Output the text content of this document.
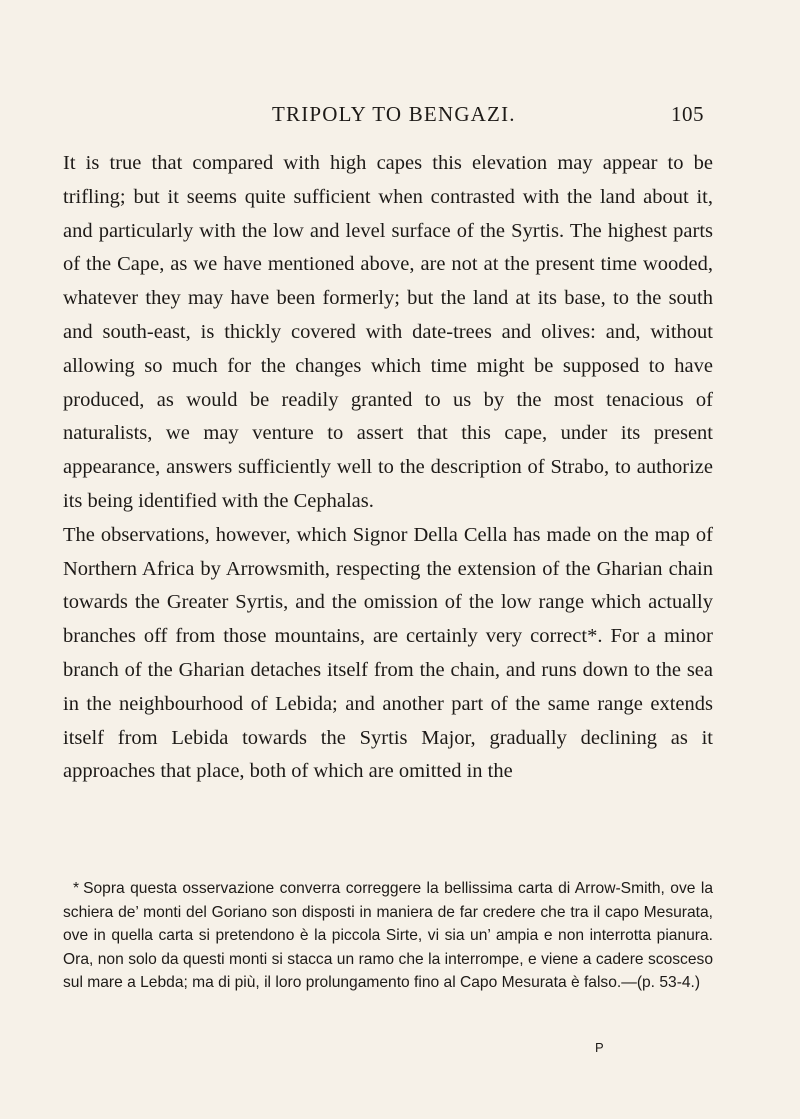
TRIPOLY TO BENGAZI.	105

It is true that compared with high capes this elevation may appear to be trifling; but it seems quite sufficient when contrasted with the land about it, and particularly with the low and level surface of the Syrtis. The highest parts of the Cape, as we have mentioned above, are not at the present time wooded, whatever they may have been formerly; but the land at its base, to the south and south-east, is thickly covered with date-trees and olives: and, without allowing so much for the changes which time might be supposed to have produced, as would be readily granted to us by the most tenacious of naturalists, we may venture to assert that this cape, under its present appearance, answers sufficiently well to the description of Strabo, to authorize its being identified with the Cephalas.

The observations, however, which Signor Della Cella has made on the map of Northern Africa by Arrowsmith, respecting the extension of the Gharian chain towards the Greater Syrtis, and the omission of the low range which actually branches off from those mountains, are certainly very correct*. For a minor branch of the Gharian detaches itself from the chain, and runs down to the sea in the neighbourhood of Lebida; and another part of the same range extends itself from Lebida towards the Syrtis Major, gradually declining as it approaches that place, both of which are omitted in the

* Sopra questa osservazione converra correggere la bellissima carta di Arrow-Smith, ove la schiera de’ monti del Goriano son disposti in maniera de far credere che tra il capo Mesurata, ove in quella carta si pretendono è la piccola Sirte, vi sia un’ ampia e non interrotta pianura. Ora, non solo da questi monti si stacca un ramo che la interrompe, e viene a cadere scosceso sul mare a Lebda; ma di più, il loro prolungamento fino al Capo Mesurata è falso.—(p. 53-4.)

P
